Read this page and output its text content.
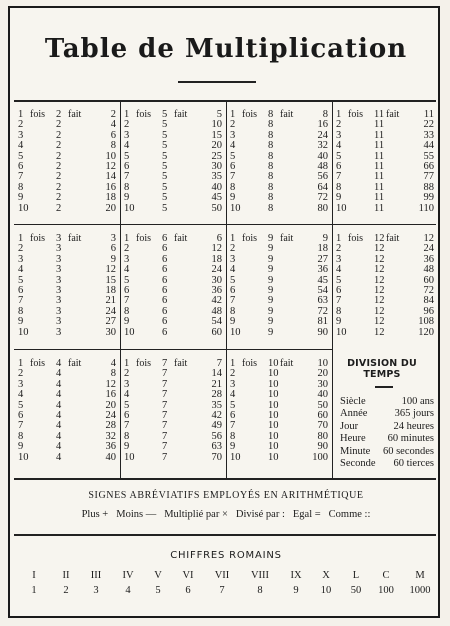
Table de Multiplication
DIVISION DU TEMPS
Siècle	100 ans
Année	365 jours
Jour	24 heures
Heure 60 minutes
Minute 60 secondes
Seconde 60 tierces
1 fois 2 fait	2
2	2	4
3	2	6
4	2	8
5	2	10
6	2	12
7	2	14
8	2	16
9	2	18
10	2	20
1 fois 5 fait	5
2	5	10
3	5	15
4	5	20
5	5	25
6	5	30
7	5	35
8	5	40
9	5	45
10	5	50
1 fois 8 fait	8
2	8	16
3	8	24
4	8	32
5	8	40
6	8	48
7	8	56
8	8	64
9	8	72
10	8	80
1 fois 11 fait 11
2	11	22
3	11	33
4	11	44
5	11	55
6	11	66
7	11	77
8	11	88
9	11	99
10	11	110
1 fois 3 fait	3
2	3	6
3	3	9
4	3	12
5	3	15
6	3	18
7	3	21
8	3	24
9	3	27
10	3	30
1 fois 6 fait	6
2	6	12
3	6	18
4	6	24
5	6	30
6	6	36
7	6	42
8	6	48
9	6	54
10	6	60
1 fois 9 fait	9
2	9	18
3	9	27
4	9	36
5	9	45
6	9	54
7	9	63
8	9	72
9	9	81
10	9	90
1 fois 12 fait 12
2	12	24
3	12	36
4	12	48
5	12	60
6	12	72
7	12	84
8	12	96
9	12	108
10	12	120
1 fois 4 fait	4
2	4	8
3	4	12
4	4	16
5	4	20
6	4	24
7	4	28
8	4	32
9	4	36
10	4	40
1 fois 7 fait	7
2	7	14
3	7	21
4	7	28
5	7	35
6	7	42
7	7	49
8	7	56
9	7	63
10	7	70
1 fois 10 fait 10
2	10	20
3	10	30
4	10	40
5	10	50
6	10	60
7	10	70
8	10	80
9	10	90
10	10	100
SIGNES ABRÉVIATIFS EMPLOYÉS EN ARITHMÉTIQUE
Plus + Moins — Multiplié par × Divisé par : Egal = Comme ::
CHIFFRES ROMAINS
I	II	III	IV	V	VI	VII	VIII	IX	X	L	C	M
1	2	3	4	5	6	7	8	9	10	50	100	1000
